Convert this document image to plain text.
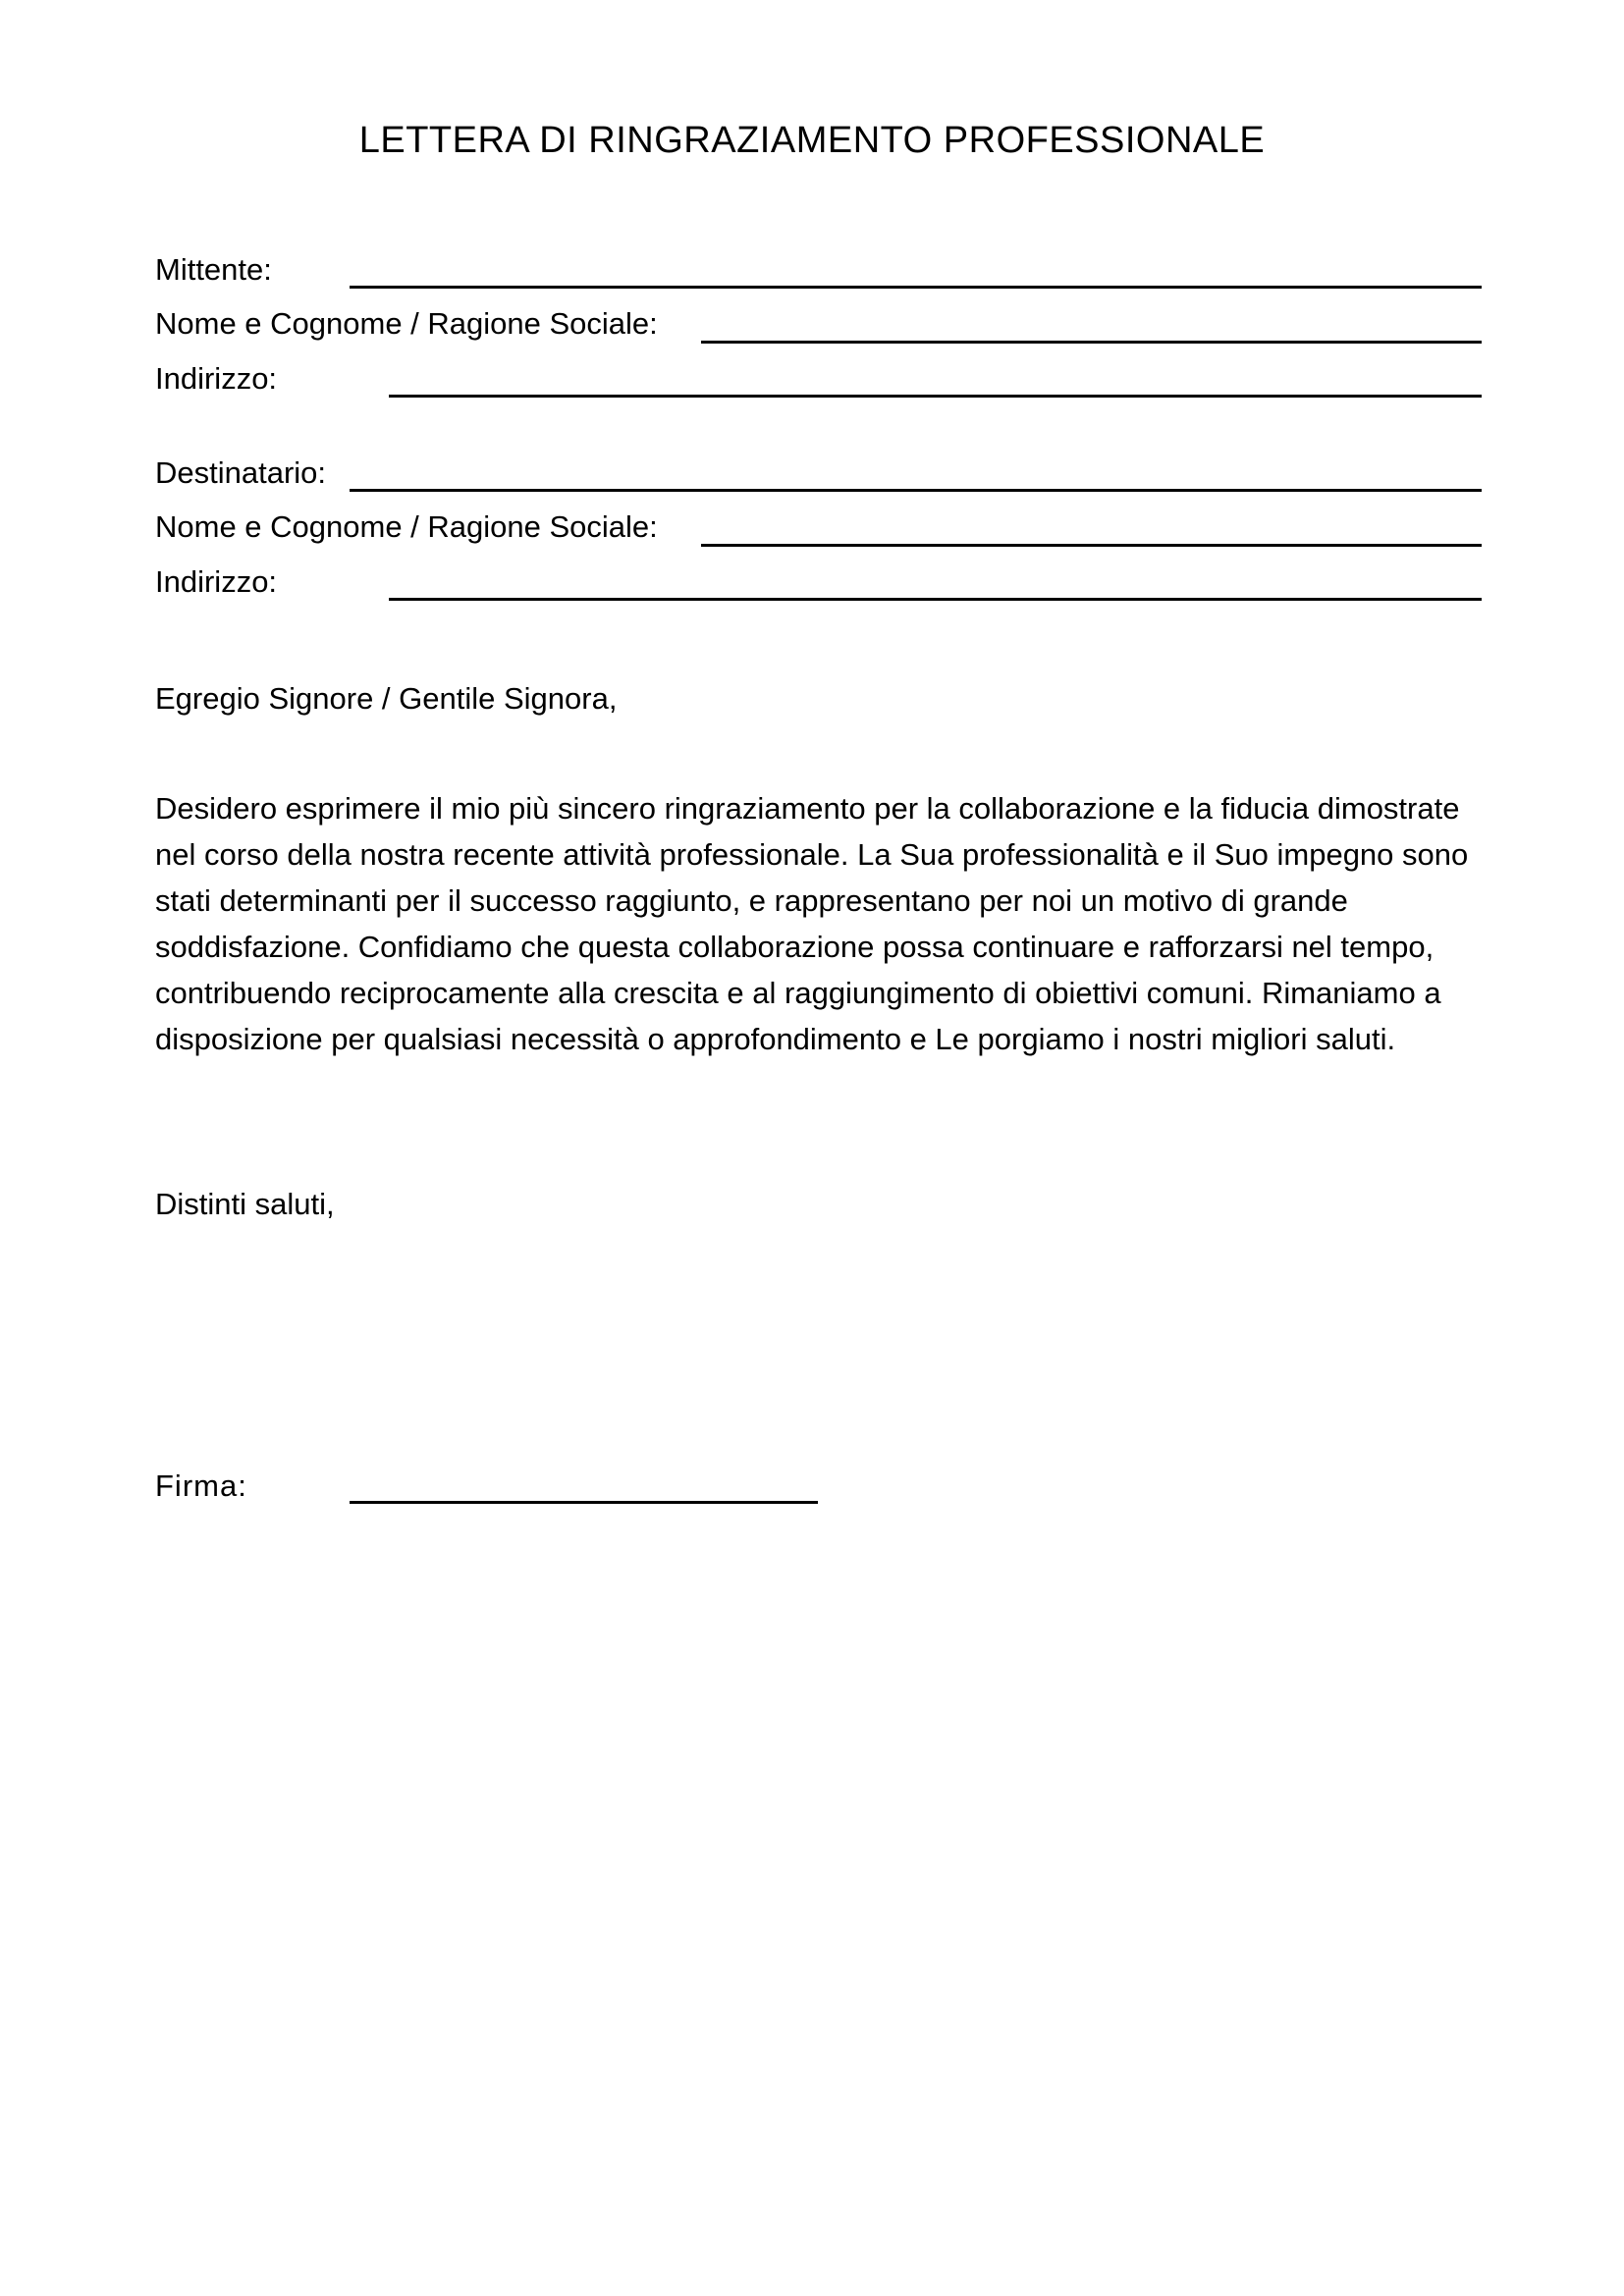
LETTERA DI RINGRAZIAMENTO PROFESSIONALE
Mittente:
Nome e Cognome / Ragione Sociale:
Indirizzo:
Destinatario:
Nome e Cognome / Ragione Sociale:
Indirizzo:
Egregio Signore / Gentile Signora,
Desidero esprimere il mio più sincero ringraziamento per la collaborazione e la fiducia dimostrate
nel corso della nostra recente attività professionale. La Sua professionalità e il Suo impegno sono
stati determinanti per il successo raggiunto, e rappresentano per noi un motivo di grande
soddisfazione. Confidiamo che questa collaborazione possa continuare e rafforzarsi nel tempo,
contribuendo reciprocamente alla crescita e al raggiungimento di obiettivi comuni. Rimaniamo a
disposizione per qualsiasi necessità o approfondimento e Le porgiamo i nostri migliori saluti.
Distinti saluti,
Firma:
